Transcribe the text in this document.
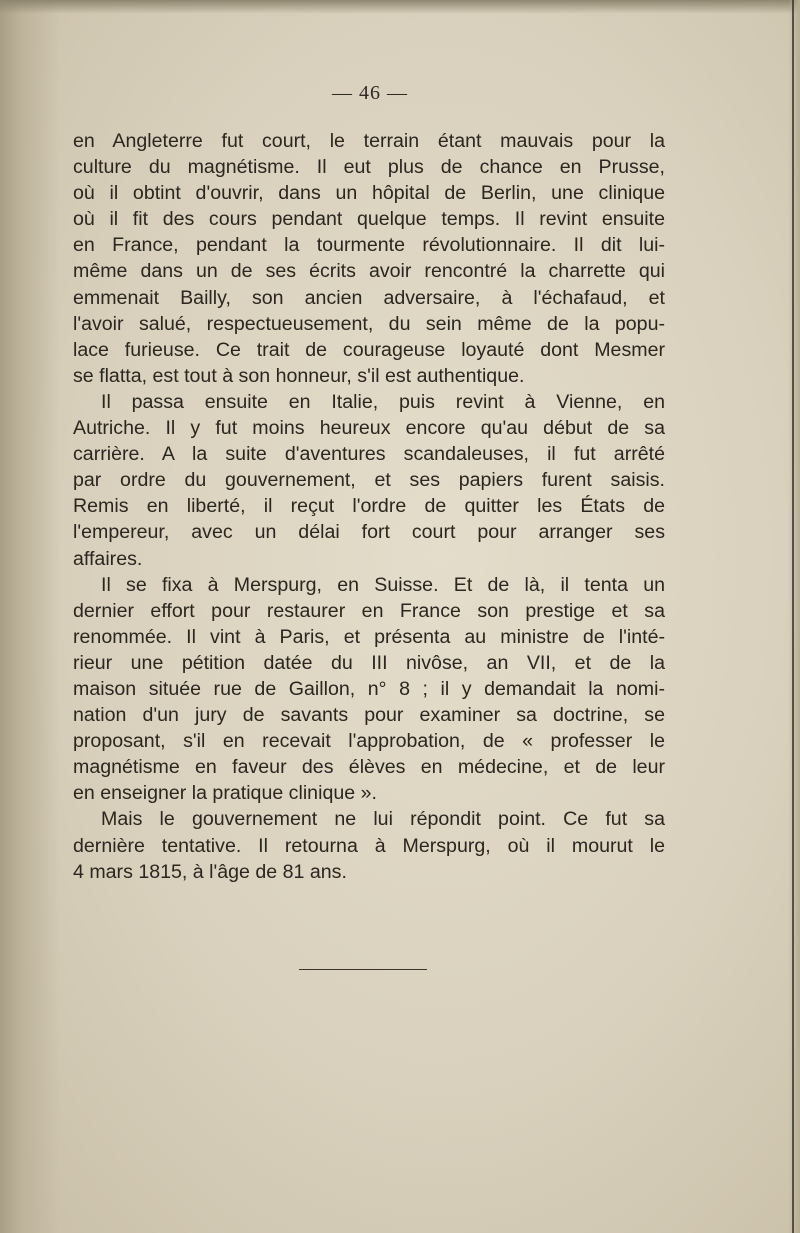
— 46 —

en Angleterre fut court, le terrain étant mauvais pour la

culture du magnétisme. Il eut plus de chance en Prusse,

où il obtint d'ouvrir, dans un hôpital de Berlin, une clinique

où il fit des cours pendant quelque temps. Il revint ensuite

en France, pendant la tourmente révolutionnaire. Il dit lui-

même dans un de ses écrits avoir rencontré la charrette qui

emmenait Bailly, son ancien adversaire, à l'échafaud, et

l'avoir salué, respectueusement, du sein même de la popu-

lace furieuse. Ce trait de courageuse loyauté dont Mesmer

se flatta, est tout à son honneur, s'il est authentique.

Il passa ensuite en Italie, puis revint à Vienne, en

Autriche. Il y fut moins heureux encore qu'au début de sa

carrière. A la suite d'aventures scandaleuses, il fut arrêté

par ordre du gouvernement, et ses papiers furent saisis.

Remis en liberté, il reçut l'ordre de quitter les États de

l'empereur, avec un délai fort court pour arranger ses

affaires.

Il se fixa à Merspurg, en Suisse. Et de là, il tenta un

dernier effort pour restaurer en France son prestige et sa

renommée. Il vint à Paris, et présenta au ministre de l'inté-

rieur une pétition datée du III nivôse, an VII, et de la

maison située rue de Gaillon, n° 8 ; il y demandait la nomi-

nation d'un jury de savants pour examiner sa doctrine, se

proposant, s'il en recevait l'approbation, de « professer le

magnétisme en faveur des élèves en médecine, et de leur

en enseigner la pratique clinique ».

Mais le gouvernement ne lui répondit point. Ce fut sa

dernière tentative. Il retourna à Merspurg, où il mourut le

4 mars 1815, à l'âge de 81 ans.
